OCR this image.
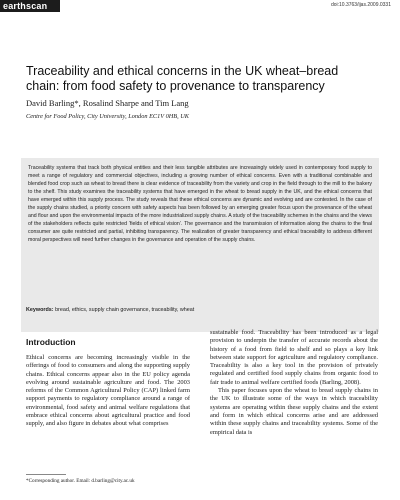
earthscan	doi:10.3763/ijas.2009.0331
Traceability and ethical concerns in the UK wheat–bread chain: from food safety to provenance to transparency
David Barling*, Rosalind Sharpe and Tim Lang
Centre for Food Policy, City University, London EC1V 0HB, UK

Traceability systems that track both physical entities and their less tangible attributes are increasingly widely used in contemporary food supply to meet a range of regulatory and commercial objectives, including a growing number of ethical concerns. Even with a traditional combinable and blended food crop such as wheat to bread there is clear evidence of traceability from the variety and crop in the field through to the mill to the bakery to the shelf. This study examines the traceability systems that have emerged in the wheat to bread supply in the UK, and the ethical concerns that have emerged within this supply process. The study reveals that these ethical concerns are dynamic and evolving and are contested. In the case of the supply chains studied, a priority concern with safety aspects has been followed by an emerging greater focus upon the provenance of the wheat and flour and upon the environmental impacts of the more industrialized supply chains. A study of the traceability schemes in the chains and the views of the stakeholders reflects quite restricted ‘fields of ethical vision’. The governance and the transmission of information along the chains to the final consumer are quite restricted and partial, inhibiting transparency. The realization of greater transparency and ethical traceability to address different moral perspectives will need further changes in the governance and operation of the supply chains.

Keywords: bread, ethics, supply chain governance, traceability, wheat
Introduction

Ethical concerns are becoming increasingly visible in the offerings of food to consumers and along the supporting supply chains. Ethical concerns appear also in the EU policy agenda evolving around sustainable agriculture and food. The 2003 reforms of the Common Agricultural Policy (CAP) linked farm support payments to regulatory compliance around a range of environmental, food safety and animal welfare regulations that embrace ethical concerns about agricultural practice and food supply, and also figure in debates about what comprises

sustainable food. Traceability has been introduced as a legal provision to underpin the transfer of accurate records about the history of a food from field to shelf and so plays a key link between state support for agriculture and regulatory compliance. Traceability is also a key tool in the provision of privately regulated and certified food supply chains from organic food to fair trade to animal welfare certified foods (Barling, 2008).

This paper focuses upon the wheat to bread supply chains in the UK to illustrate some of the ways in which traceability systems are operating within these supply chains and the extent and form in which ethical concerns arise and are addressed within these supply chains and traceability systems. Some of the empirical data is

*Corresponding author. Email: d.barling@city.ac.uk
